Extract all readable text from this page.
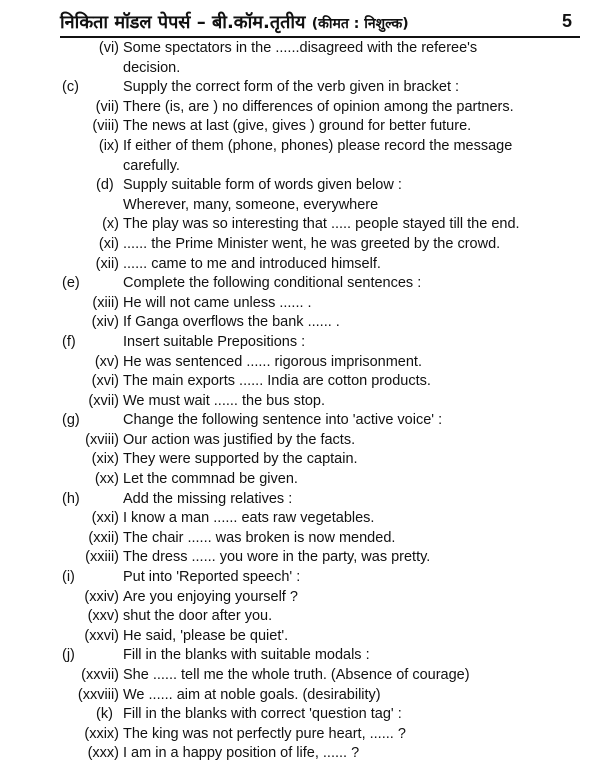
निकिता मॉडल पेपर्स – बी.कॉम.तृतीय (कीमत : निशुल्क)	5
(vi) Some spectators in the ......disagreed with the referee's
decision.
(c)	Supply the correct form of the verb given in bracket :
(vii) There (is, are ) no differences of opinion among the partners.
(viii) The news at last (give, gives ) ground for better future.
(ix) If either of them (phone, phones) please record the message
carefully.
(d) Supply suitable form of words given below :
Wherever, many, someone, everywhere
(x) The play was so interesting that ..... people stayed till the end.
(xi) ...... the Prime Minister went, he was greeted by the crowd.
(xii) ...... came to me and introduced himself.
(e)	Complete the following conditional sentences :
(xiii) He will not came unless ...... .
(xiv) If Ganga overflows the bank ...... .
(f)	Insert suitable Prepositions :
(xv) He was sentenced ...... rigorous imprisonment.
(xvi) The main exports ...... India are cotton products.
(xvii) We must wait ...... the bus stop.
(g)	Change the following sentence into 'active voice' :
(xviii) Our action was justified by the facts.
(xix) They were supported by the captain.
(xx) Let the commnad be given.
(h)	Add the missing relatives :
(xxi) I know a man ...... eats raw vegetables.
(xxii) The chair ...... was broken is now mended.
(xxiii) The dress ...... you wore in the party, was pretty.
(i)	Put into 'Reported speech' :
(xxiv) Are you enjoying yourself ?
(xxv) shut the door after you.
(xxvi) He said, 'please be quiet'.
(j)	Fill in the blanks with suitable modals :
(xxvii) She ...... tell me the whole truth. (Absence of courage)
(xxviii) We ...... aim at noble goals. (desirability)
(k) Fill in the blanks with correct 'question tag' :
(xxix) The king was not perfectly pure heart, ...... ?
(xxx) I am in a happy position of life, ...... ?
